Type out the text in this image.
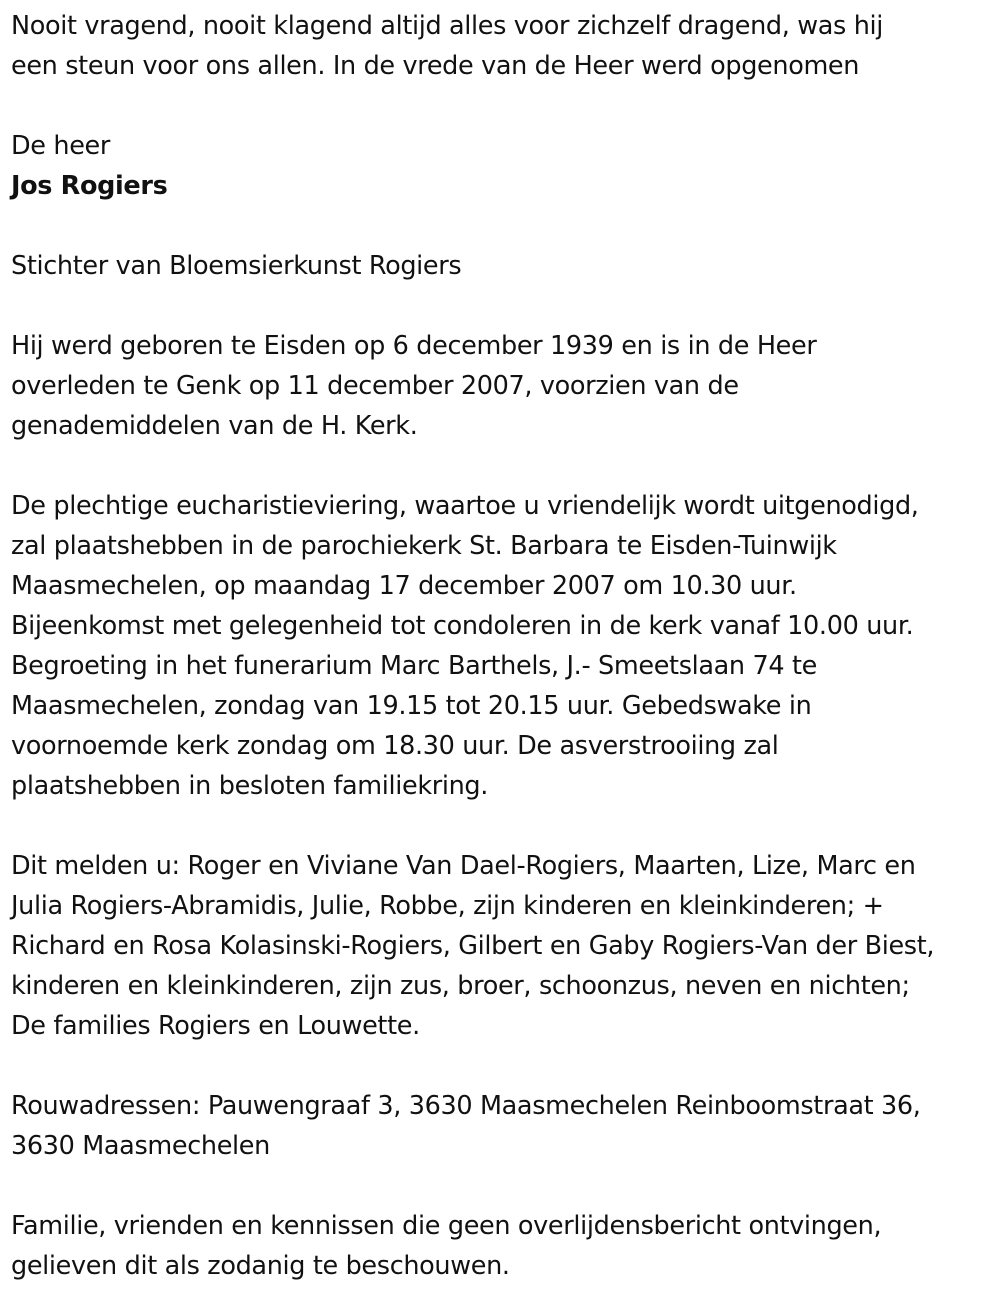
Nooit vragend, nooit klagend altijd alles voor zichzelf dragend, was hij
een steun voor ons allen. In de vrede van de Heer werd opgenomen

De heer

Jos Rogiers

Stichter van Bloemsierkunst Rogiers

Hij werd geboren te Eisden op 6 december 1939 en is in de Heer
overleden te Genk op 11 december 2007, voorzien van de
genademiddelen van de H. Kerk.

De plechtige eucharistieviering, waartoe u vriendelijk wordt uitgenodigd,
zal plaatshebben in de parochiekerk St. Barbara te Eisden-Tuinwijk
Maasmechelen, op maandag 17 december 2007 om 10.30 uur.
Bijeenkomst met gelegenheid tot condoleren in de kerk vanaf 10.00 uur.
Begroeting in het funerarium Marc Barthels, J.- Smeetslaan 74 te
Maasmechelen, zondag van 19.15 tot 20.15 uur. Gebedswake in
voornoemde kerk zondag om 18.30 uur. De asverstrooiing zal
plaatshebben in besloten familiekring.

Dit melden u: Roger en Viviane Van Dael-Rogiers, Maarten, Lize, Marc en
Julia Rogiers-Abramidis, Julie, Robbe, zijn kinderen en kleinkinderen; +
Richard en Rosa Kolasinski-Rogiers, Gilbert en Gaby Rogiers-Van der Biest,
kinderen en kleinkinderen, zijn zus, broer, schoonzus, neven en nichten;
De families Rogiers en Louwette.

Rouwadressen: Pauwengraaf 3, 3630 Maasmechelen Reinboomstraat 36,
3630 Maasmechelen

Familie, vrienden en kennissen die geen overlijdensbericht ontvingen,
gelieven dit als zodanig te beschouwen.
